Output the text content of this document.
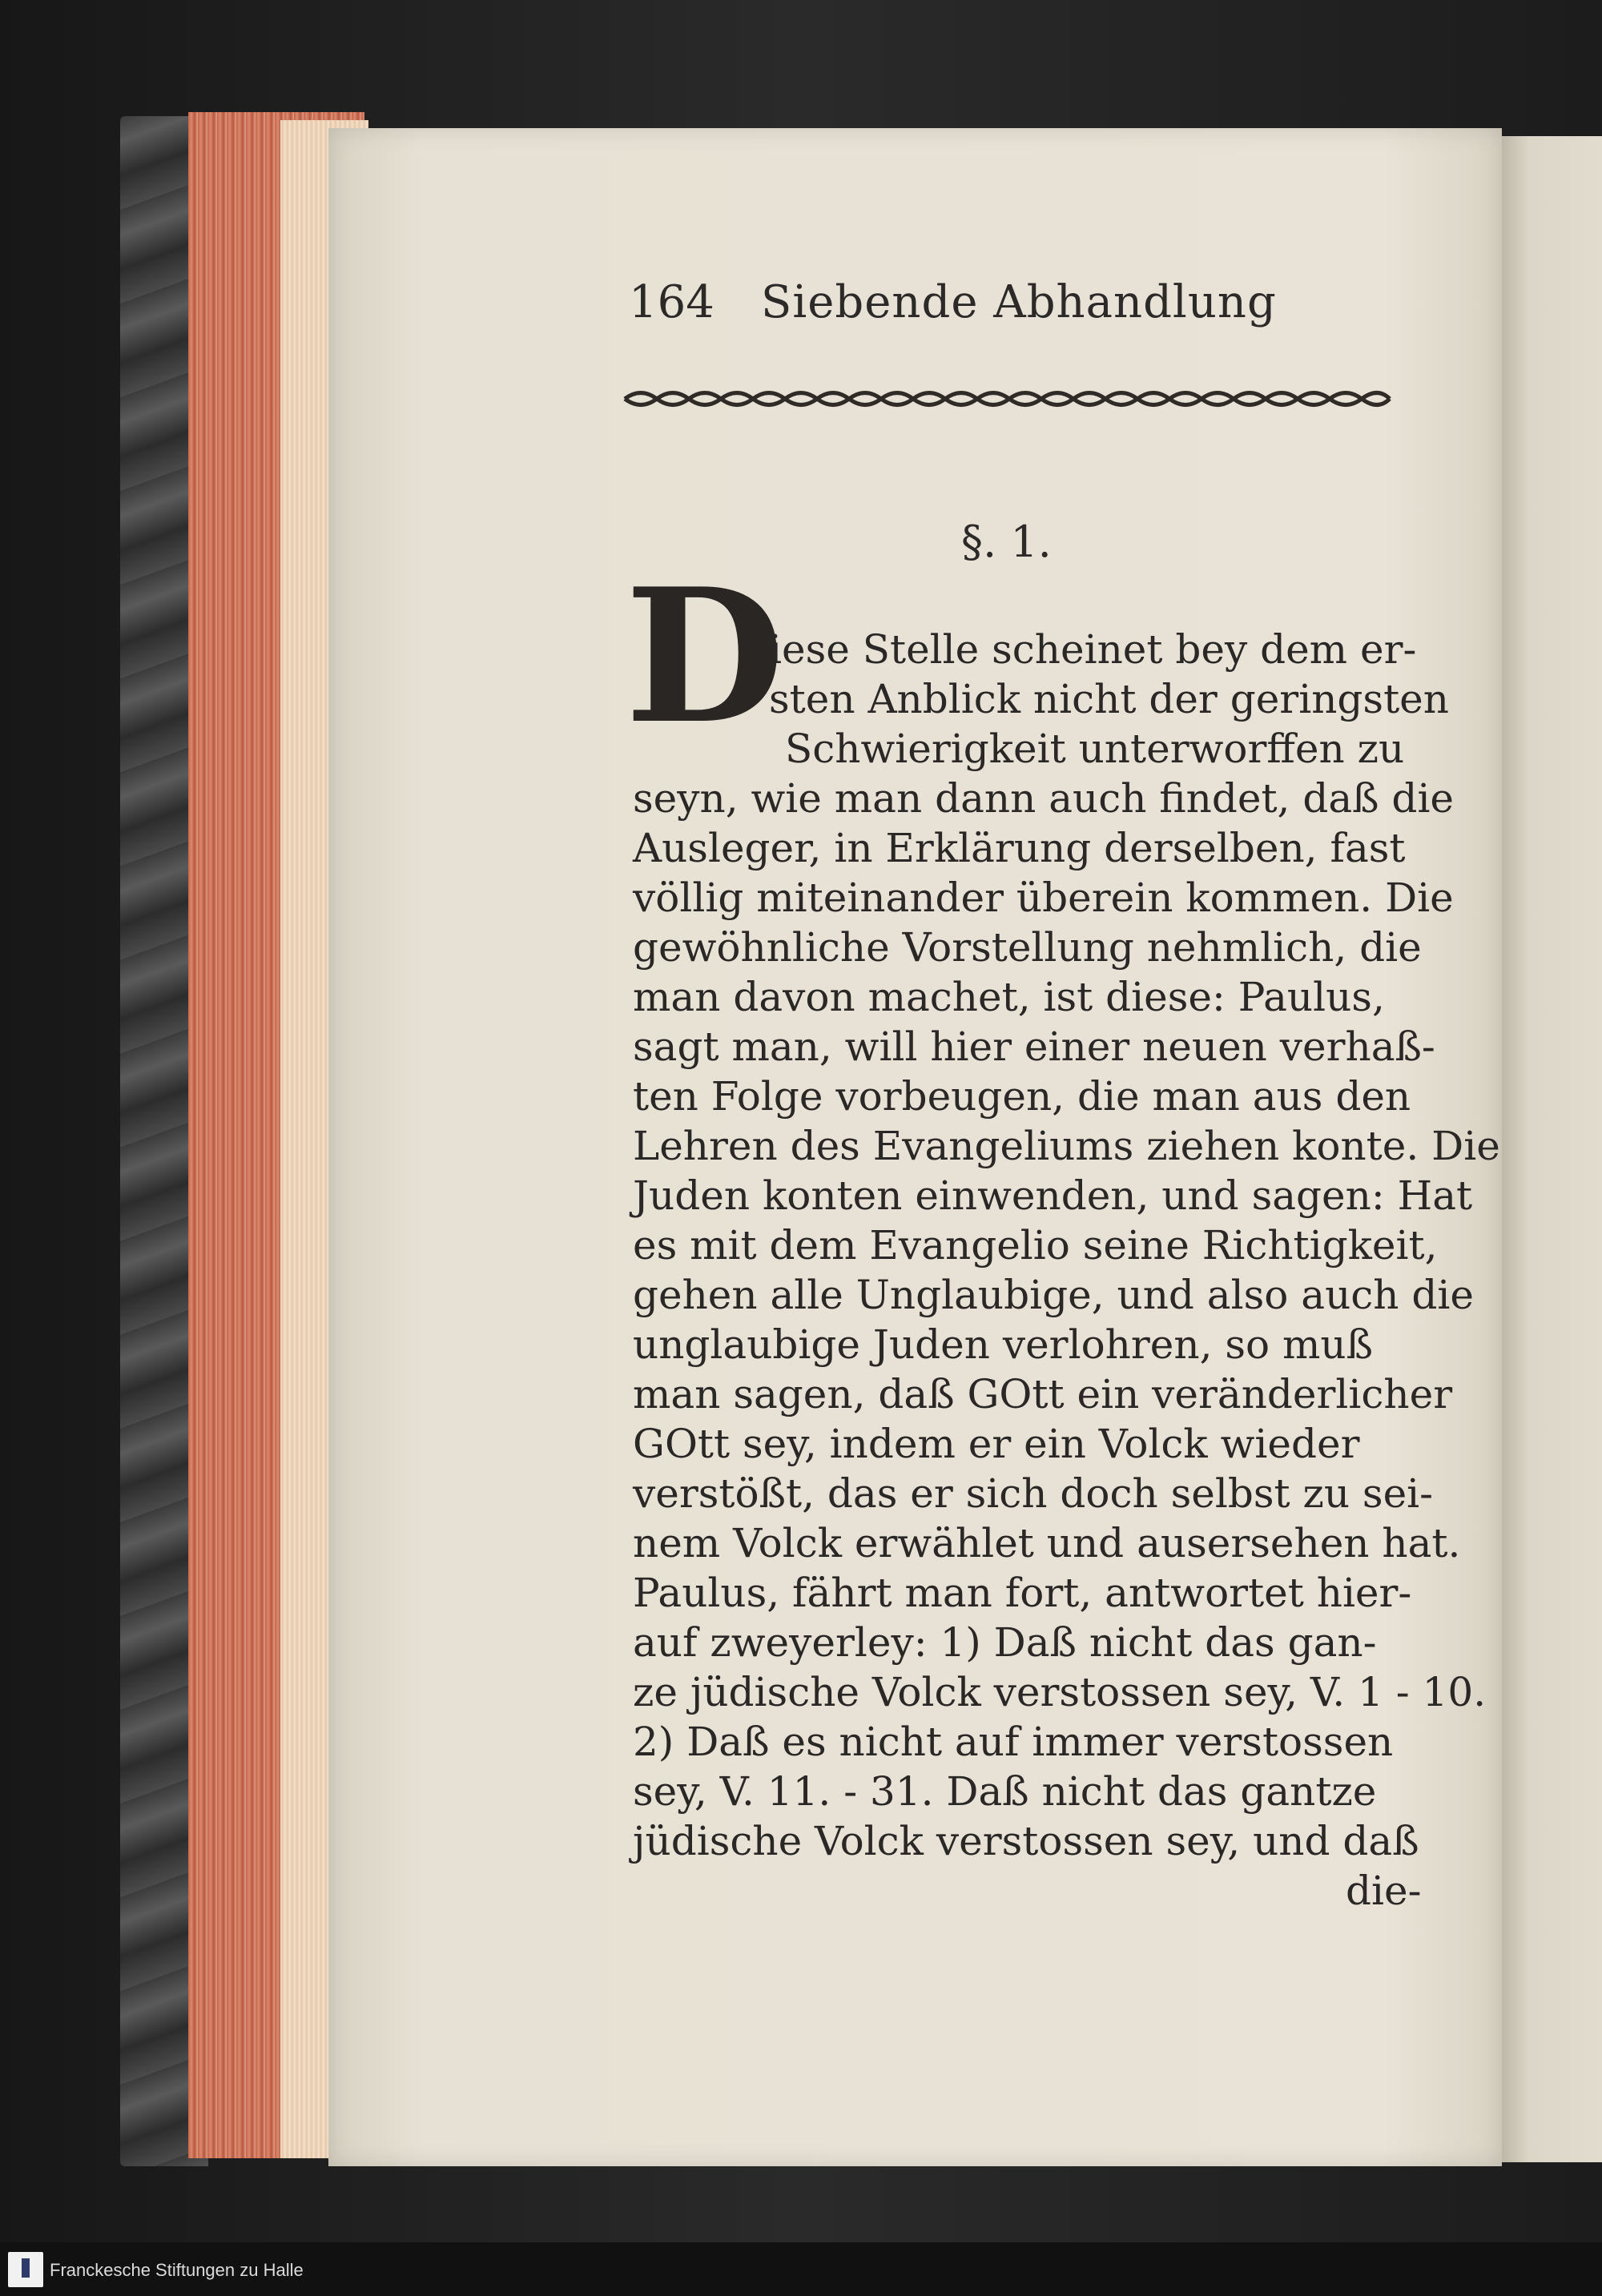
164 Siebende Abhandlung
§. 1.
D
iese Stelle scheinet bey dem er-
sten Anblick nicht der geringsten
Schwierigkeit unterworffen zu
seyn, wie man dann auch findet, daß die
Ausleger, in Erklärung derselben, fast
völlig miteinander überein kommen. Die
gewöhnliche Vorstellung nehmlich, die
man davon machet, ist diese: Paulus,
sagt man, will hier einer neuen verhaß-
ten Folge vorbeugen, die man aus den
Lehren des Evangeliums ziehen konte. Die
Juden konten einwenden, und sagen: Hat
es mit dem Evangelio seine Richtigkeit,
gehen alle Unglaubige, und also auch die
unglaubige Juden verlohren, so muß
man sagen, daß GOtt ein veränderlicher
GOtt sey, indem er ein Volck wieder
verstößt, das er sich doch selbst zu sei-
nem Volck erwählet und ausersehen hat.
Paulus, fährt man fort, antwortet hier-
auf zweyerley: 1) Daß nicht das gan-
ze jüdische Volck verstossen sey, V. 1 - 10.
2) Daß es nicht auf immer verstossen
sey, V. 11. - 31. Daß nicht das gantze
jüdische Volck verstossen sey, und daß
die-
Franckesche Stiftungen zu Halle
